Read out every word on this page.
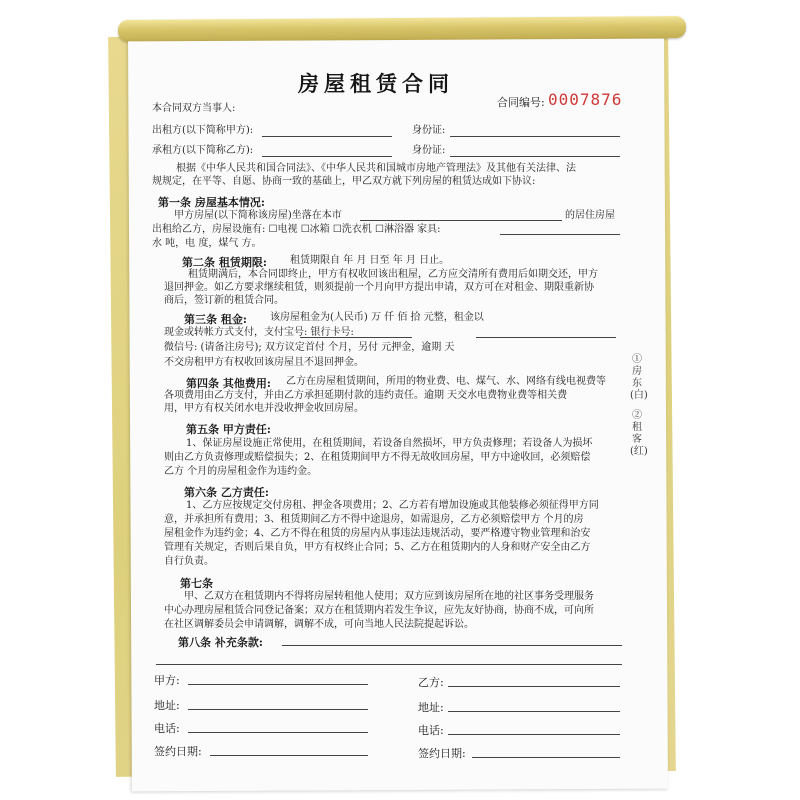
房屋租赁合同
合同编号: 0007876
本合同双方当事人:
出租方(以下简称甲方):	身份证:
承租方(以下简称乙方):	身份证:
根据《中华人民共和国合同法》、《中华人民共和国城市房地产管理法》及其他有关法律、法
规规定，在平等、自愿、协商一致的基础上，甲乙双方就下列房屋的租赁达成如下协议:
第一条 房屋基本情况:
甲方房屋(以下简称该房屋)坐落在本市	的居住房屋
出租给乙方，房屋设施有: ☐电视 ☐冰箱 ☐洗衣机 ☐淋浴器 家具:
水 吨，电 度，煤气 方。
第二条 租赁期限: 租赁期限自 年 月 日至 年 月 日止。
租赁期满后，本合同即终止，甲方有权收回该出租屋，乙方应交清所有费用后如期交还，甲方
退回押金。如乙方要求继续租赁，则须提前一个月向甲方提出申请，双方可在对租金、期限重新协
商后，签订新的租赁合同。
第三条 租金: 该房屋租金为(人民币) 万 仟 佰 拾 元整，租金以
现金或转帐方式支付，支付宝号: 银行卡号:
微信号: (请备注房号); 双方议定首付 个月，另付 元押金，逾期 天
不交房租甲方有权收回该房屋且不退回押金。
第四条 其他费用: 乙方在房屋租赁期间，所用的物业费、电、煤气、水、网络有线电视费等
各项费用由乙方支付，并由乙方承担延期付款的违约责任。逾期 天交水电费物业费等相关费
用，甲方有权关闭水电并没收押金收回房屋。
第五条 甲方责任:
1、保证房屋设施正常使用，在租赁期间，若设备自然损坏，甲方负责修理；若设备人为损坏
则由乙方负责修理或赔偿损失；2、在租赁期间甲方不得无故收回房屋，甲方中途收回，必须赔偿
乙方 个月的房屋租金作为违约金。
第六条 乙方责任:
1、乙方应按规定交付房租、押金各项费用；2、乙方若有增加设施或其他装修必须征得甲方同
意，并承担所有费用；3、租赁期间乙方不得中途退房，如需退房，乙方必须赔偿甲方 个月的房
屋租金作为违约金；4、乙方不得在租赁的房屋内从事违法违规活动，要严格遵守物业管理和治安
管理有关规定，否则后果自负，甲方有权终止合同；5、乙方在租赁期内的人身和财产安全由乙方
自行负责。
第七条
甲、乙双方在租赁期内不得将房屋转租他人使用；双方应到该房屋所在地的社区事务受理服务
中心办理房屋租赁合同登记备案；双方在租赁期内若发生争议，应先友好协商，协商不成，可向所
在社区调解委员会申请调解，调解不成，可向当地人民法院提起诉讼。
第八条 补充条款:
甲方:	乙方:
地址:	地址:
电话:	电话:
签约日期:	签约日期:
①房东(白)
②租客(红)
